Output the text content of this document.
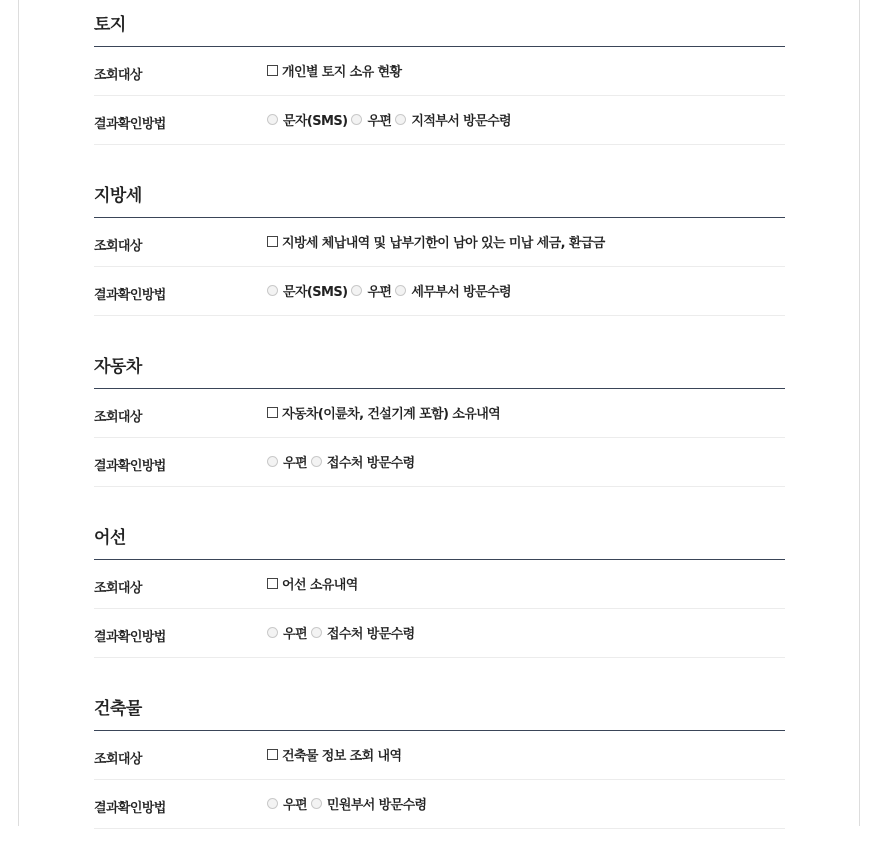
토지
조회대상	개인별 토지 소유 현황
결과확인방법	문자(SMS) 우편 지적부서 방문수령
지방세
조회대상	지방세 체납내역 및 납부기한이 남아 있는 미납 세금, 환급금
결과확인방법	문자(SMS) 우편 세무부서 방문수령
자동차
조회대상	자동차(이륜차, 건설기계 포함) 소유내역
결과확인방법	우편 접수처 방문수령
어선
조회대상	어선 소유내역
결과확인방법	우편 접수처 방문수령
건축물
조회대상	건축물 정보 조회 내역
결과확인방법	우편 민원부서 방문수령
